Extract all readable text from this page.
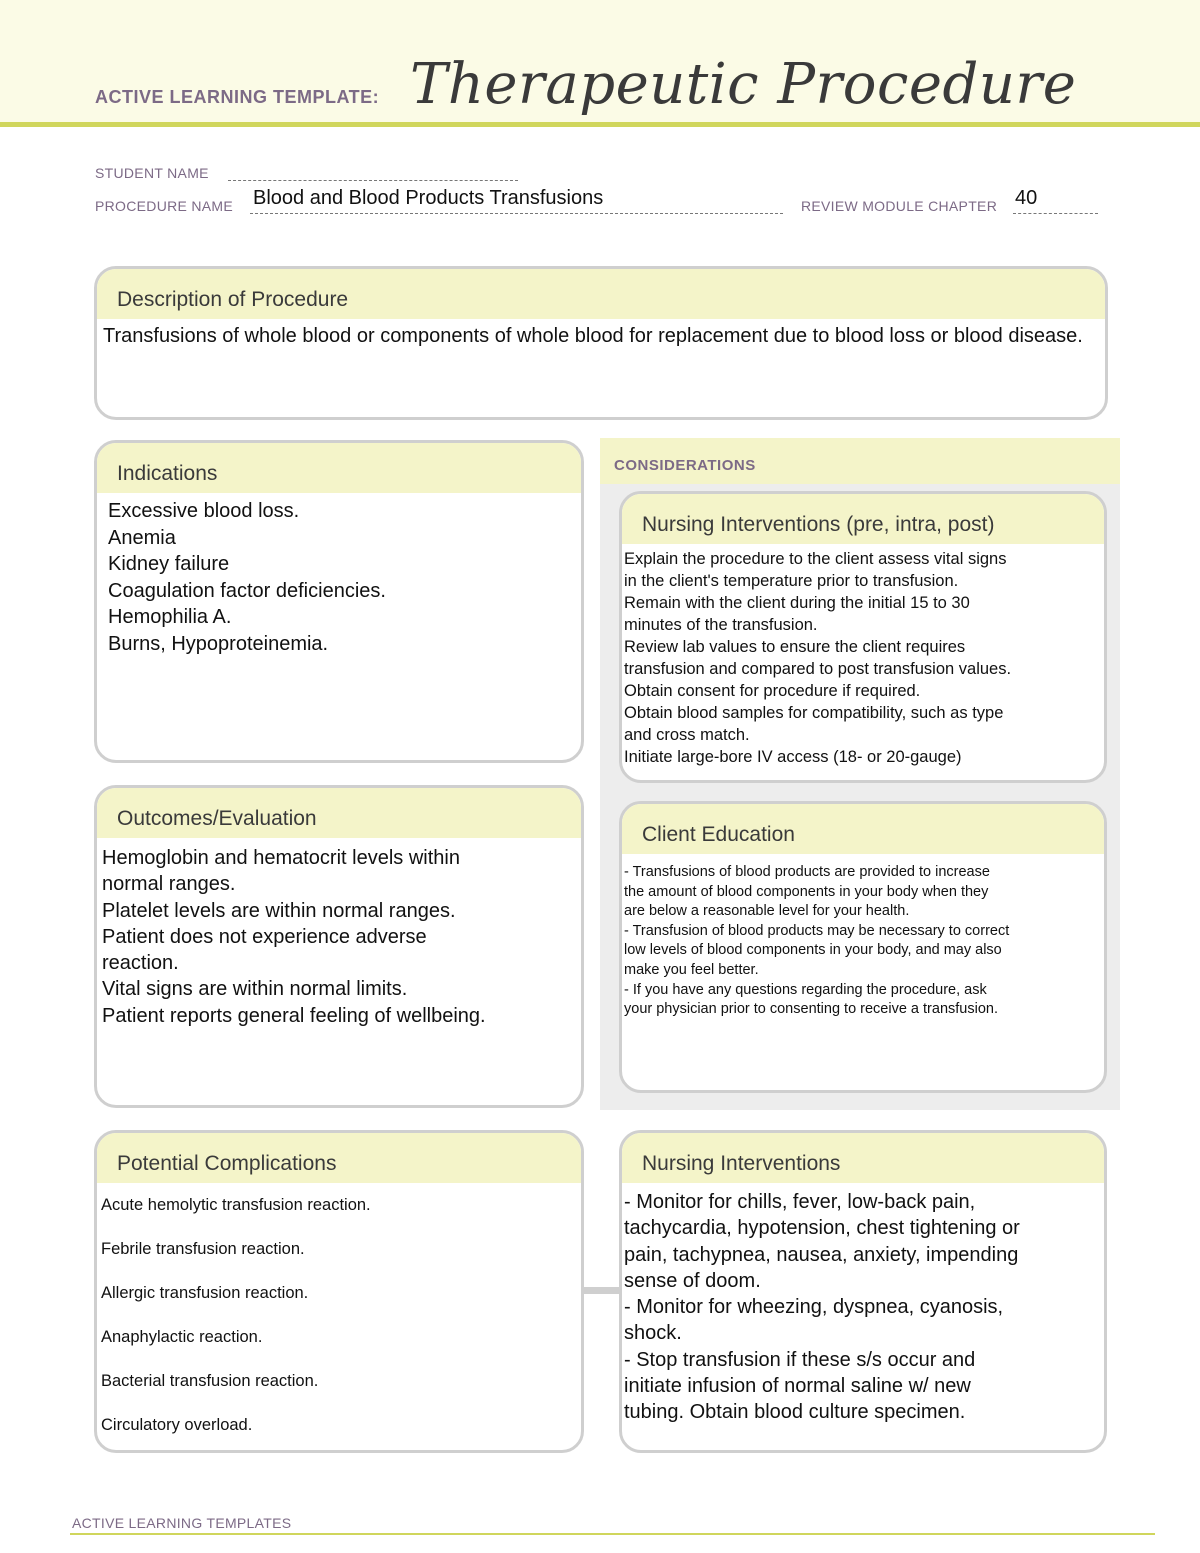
ACTIVE LEARNING TEMPLATE: Therapeutic Procedure
STUDENT NAME
PROCEDURE NAME Blood and Blood Products Transfusions	REVIEW MODULE CHAPTER 40
Description of Procedure
Transfusions of whole blood or components of whole blood for replacement due to blood loss or blood disease.
CONSIDERATIONS
Indications
Excessive blood loss.
Anemia
Kidney failure
Coagulation factor deficiencies.
Hemophilia A.
Burns, Hypoproteinemia.
Nursing Interventions (pre, intra, post)
Explain the procedure to the client assess vital signs
in the client's temperature prior to transfusion.
Remain with the client during the initial 15 to 30
minutes of the transfusion.
Review lab values to ensure the client requires
transfusion and compared to post transfusion values.
Obtain consent for procedure if required.
Obtain blood samples for compatibility, such as type
and cross match.
Initiate large-bore IV access (18- or 20-gauge)
Outcomes/Evaluation
Hemoglobin and hematocrit levels within
normal ranges.
Platelet levels are within normal ranges.
Patient does not experience adverse
reaction.
Vital signs are within normal limits.
Patient reports general feeling of wellbeing.
Client Education
- Transfusions of blood products are provided to increase
the amount of blood components in your body when they
are below a reasonable level for your health.
- Transfusion of blood products may be necessary to correct
low levels of blood components in your body, and may also
make you feel better.
- If you have any questions regarding the procedure, ask
your physician prior to consenting to receive a transfusion.
Potential Complications
Acute hemolytic transfusion reaction.
Febrile transfusion reaction.
Allergic transfusion reaction.
Anaphylactic reaction.
Bacterial transfusion reaction.
Circulatory overload.
Nursing Interventions
- Monitor for chills, fever, low-back pain,
tachycardia, hypotension, chest tightening or
pain, tachypnea, nausea, anxiety, impending
sense of doom.
- Monitor for wheezing, dyspnea, cyanosis,
shock.
- Stop transfusion if these s/s occur and
initiate infusion of normal saline w/ new
tubing. Obtain blood culture specimen.
ACTIVE LEARNING TEMPLATES
